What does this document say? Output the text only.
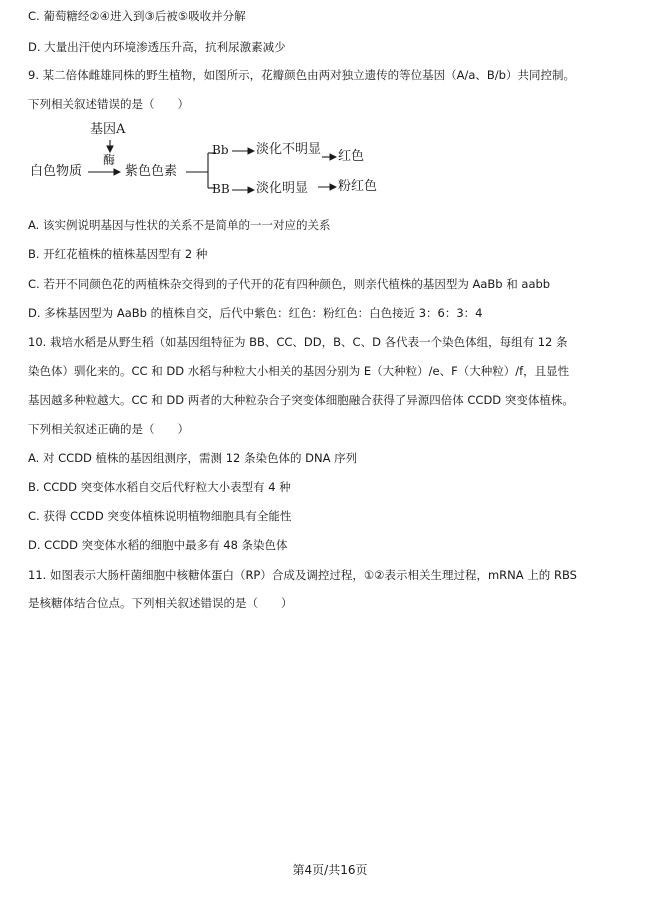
C. 葡萄糖经②④进入到③后被⑤吸收并分解
D. 大量出汗使内环境渗透压升高，抗利尿激素减少
9. 某二倍体雌雄同株的野生植物，如图所示，花瓣颜色由两对独立遗传的等位基因（A/a、B/b）共同控制。
下列相关叙述错误的是（　　）
基因A
酶
白色物质	紫色色素
Bb 淡化不明显 红色
BB 淡化明显 粉红色
A. 该实例说明基因与性状的关系不是简单的一一对应的关系
B. 开红花植株的植株基因型有 2 种
C. 若开不同颜色花的两植株杂交得到的子代开的花有四种颜色，则亲代植株的基因型为 AaBb 和 aabb
D. 多株基因型为 AaBb 的植株自交，后代中紫色：红色：粉红色：白色接近 3：6：3：4
10. 栽培水稻是从野生稻（如基因组特征为 BB、CC、DD，B、C、D 各代表一个染色体组，每组有 12 条
染色体）驯化来的。CC 和 DD 水稻与种粒大小相关的基因分别为 E（大种粒）/e、F（大种粒）/f，且显性
基因越多种粒越大。CC 和 DD 两者的大种粒杂合子突变体细胞融合获得了异源四倍体 CCDD 突变体植株。
下列相关叙述正确的是（　　）
A. 对 CCDD 植株的基因组测序，需测 12 条染色体的 DNA 序列
B. CCDD 突变体水稻自交后代籽粒大小表型有 4 种
C. 获得 CCDD 突变体植株说明植物细胞具有全能性
D. CCDD 突变体水稻的细胞中最多有 48 条染色体
11. 如图表示大肠杆菌细胞中核糖体蛋白（RP）合成及调控过程，①②表示相关生理过程，mRNA 上的 RBS
是核糖体结合位点。下列相关叙述错误的是（　　）
第4页/共16页
